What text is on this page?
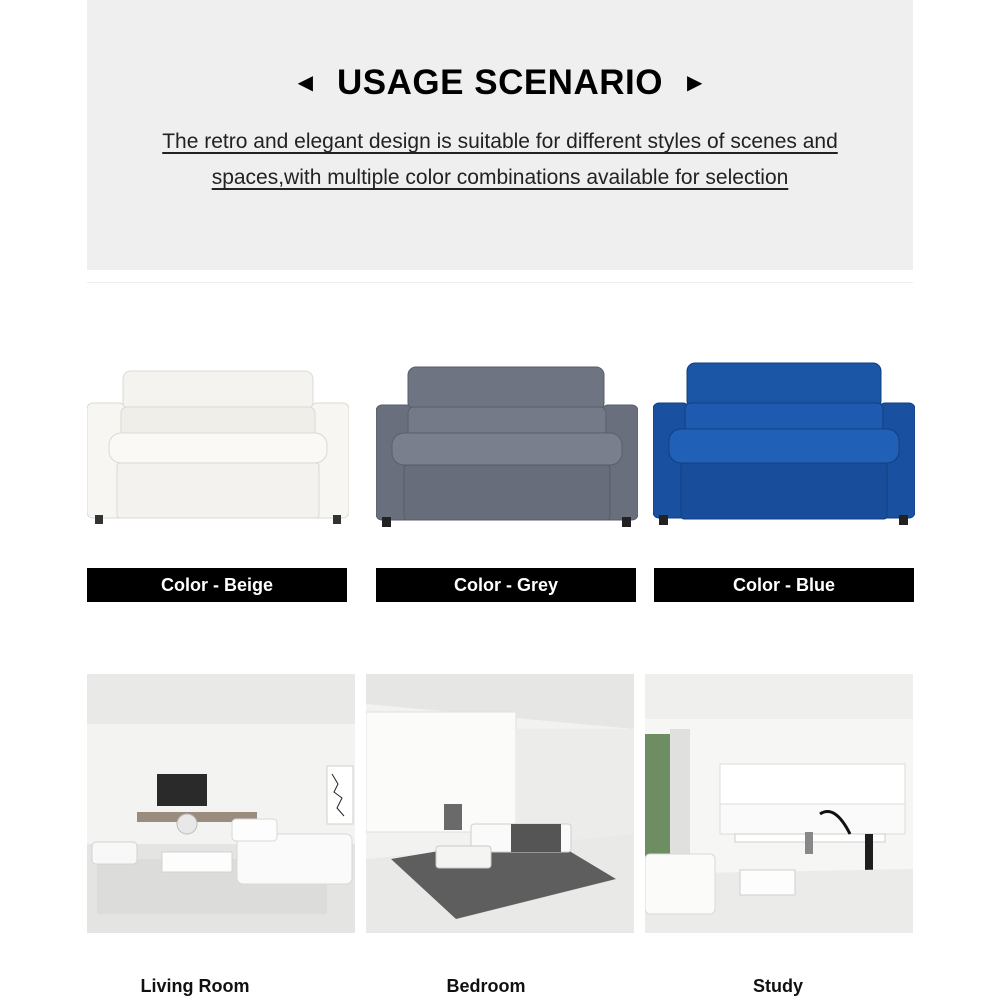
◀ USAGE SCENARIO ▶
The retro and elegant design is suitable for different styles of scenes and
spaces,with multiple color combinations available for selection
Color - Beige	Color - Grey	Color - Blue
Living Room	Bedroom	Study
